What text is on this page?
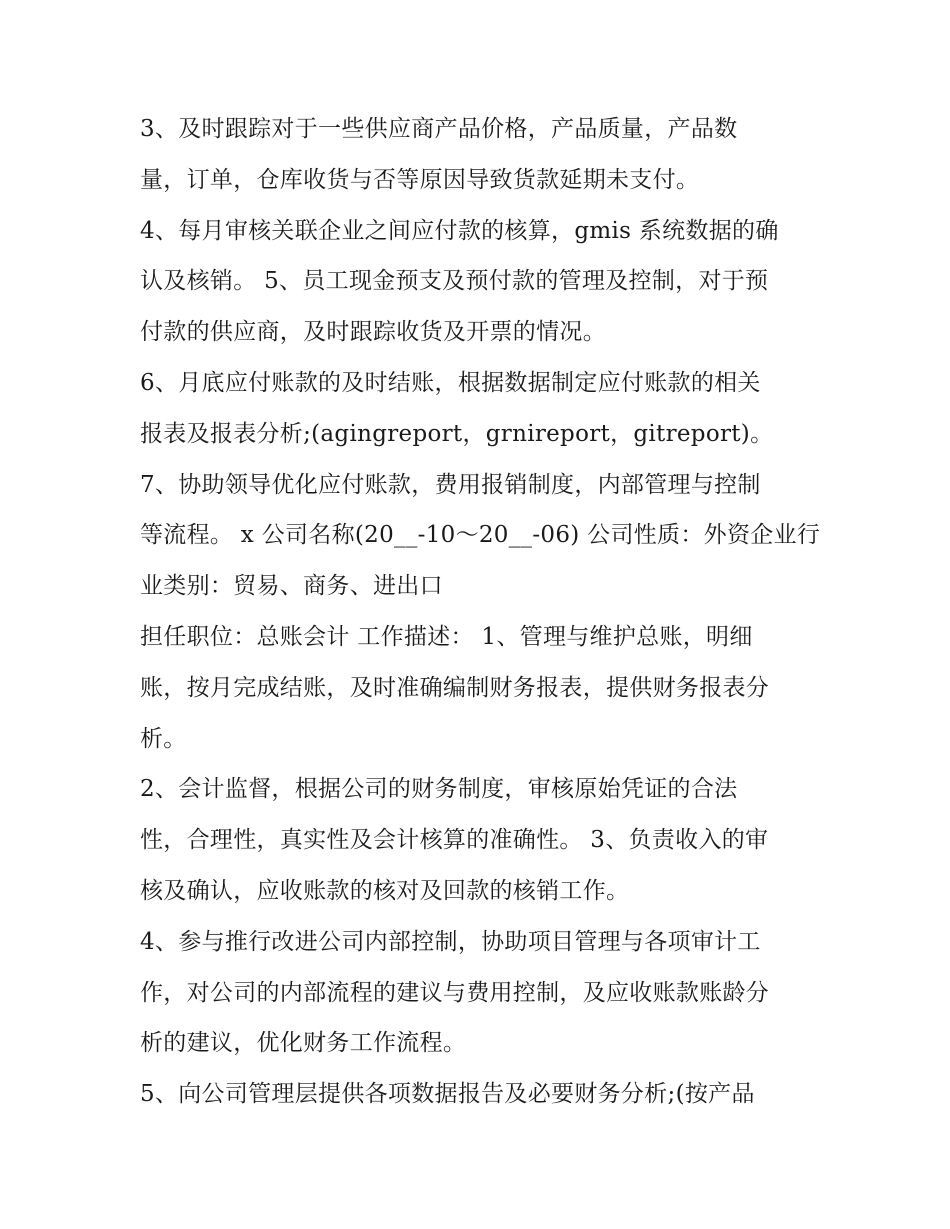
3、及时跟踪对于一些供应商产品价格，产品质量，产品数
量，订单，仓库收货与否等原因导致货款延期未支付。
4、每月审核关联企业之间应付款的核算，gmis 系统数据的确
认及核销。 5、员工现金预支及预付款的管理及控制，对于预
付款的供应商，及时跟踪收货及开票的情况。
6、月底应付账款的及时结账，根据数据制定应付账款的相关
报表及报表分析;(agingreport，grnireport，gitreport)。
7、协助领导优化应付账款，费用报销制度，内部管理与控制
等流程。 x 公司名称(20__-10～20__-06) 公司性质：外资企业行
业类别：贸易、商务、进出口
担任职位：总账会计 工作描述： 1、管理与维护总账，明细
账，按月完成结账，及时准确编制财务报表，提供财务报表分
析。
2、会计监督，根据公司的财务制度，审核原始凭证的合法
性，合理性，真实性及会计核算的准确性。 3、负责收入的审
核及确认，应收账款的核对及回款的核销工作。
4、参与推行改进公司内部控制，协助项目管理与各项审计工
作，对公司的内部流程的建议与费用控制，及应收账款账龄分
析的建议，优化财务工作流程。
5、向公司管理层提供各项数据报告及必要财务分析;(按产品
